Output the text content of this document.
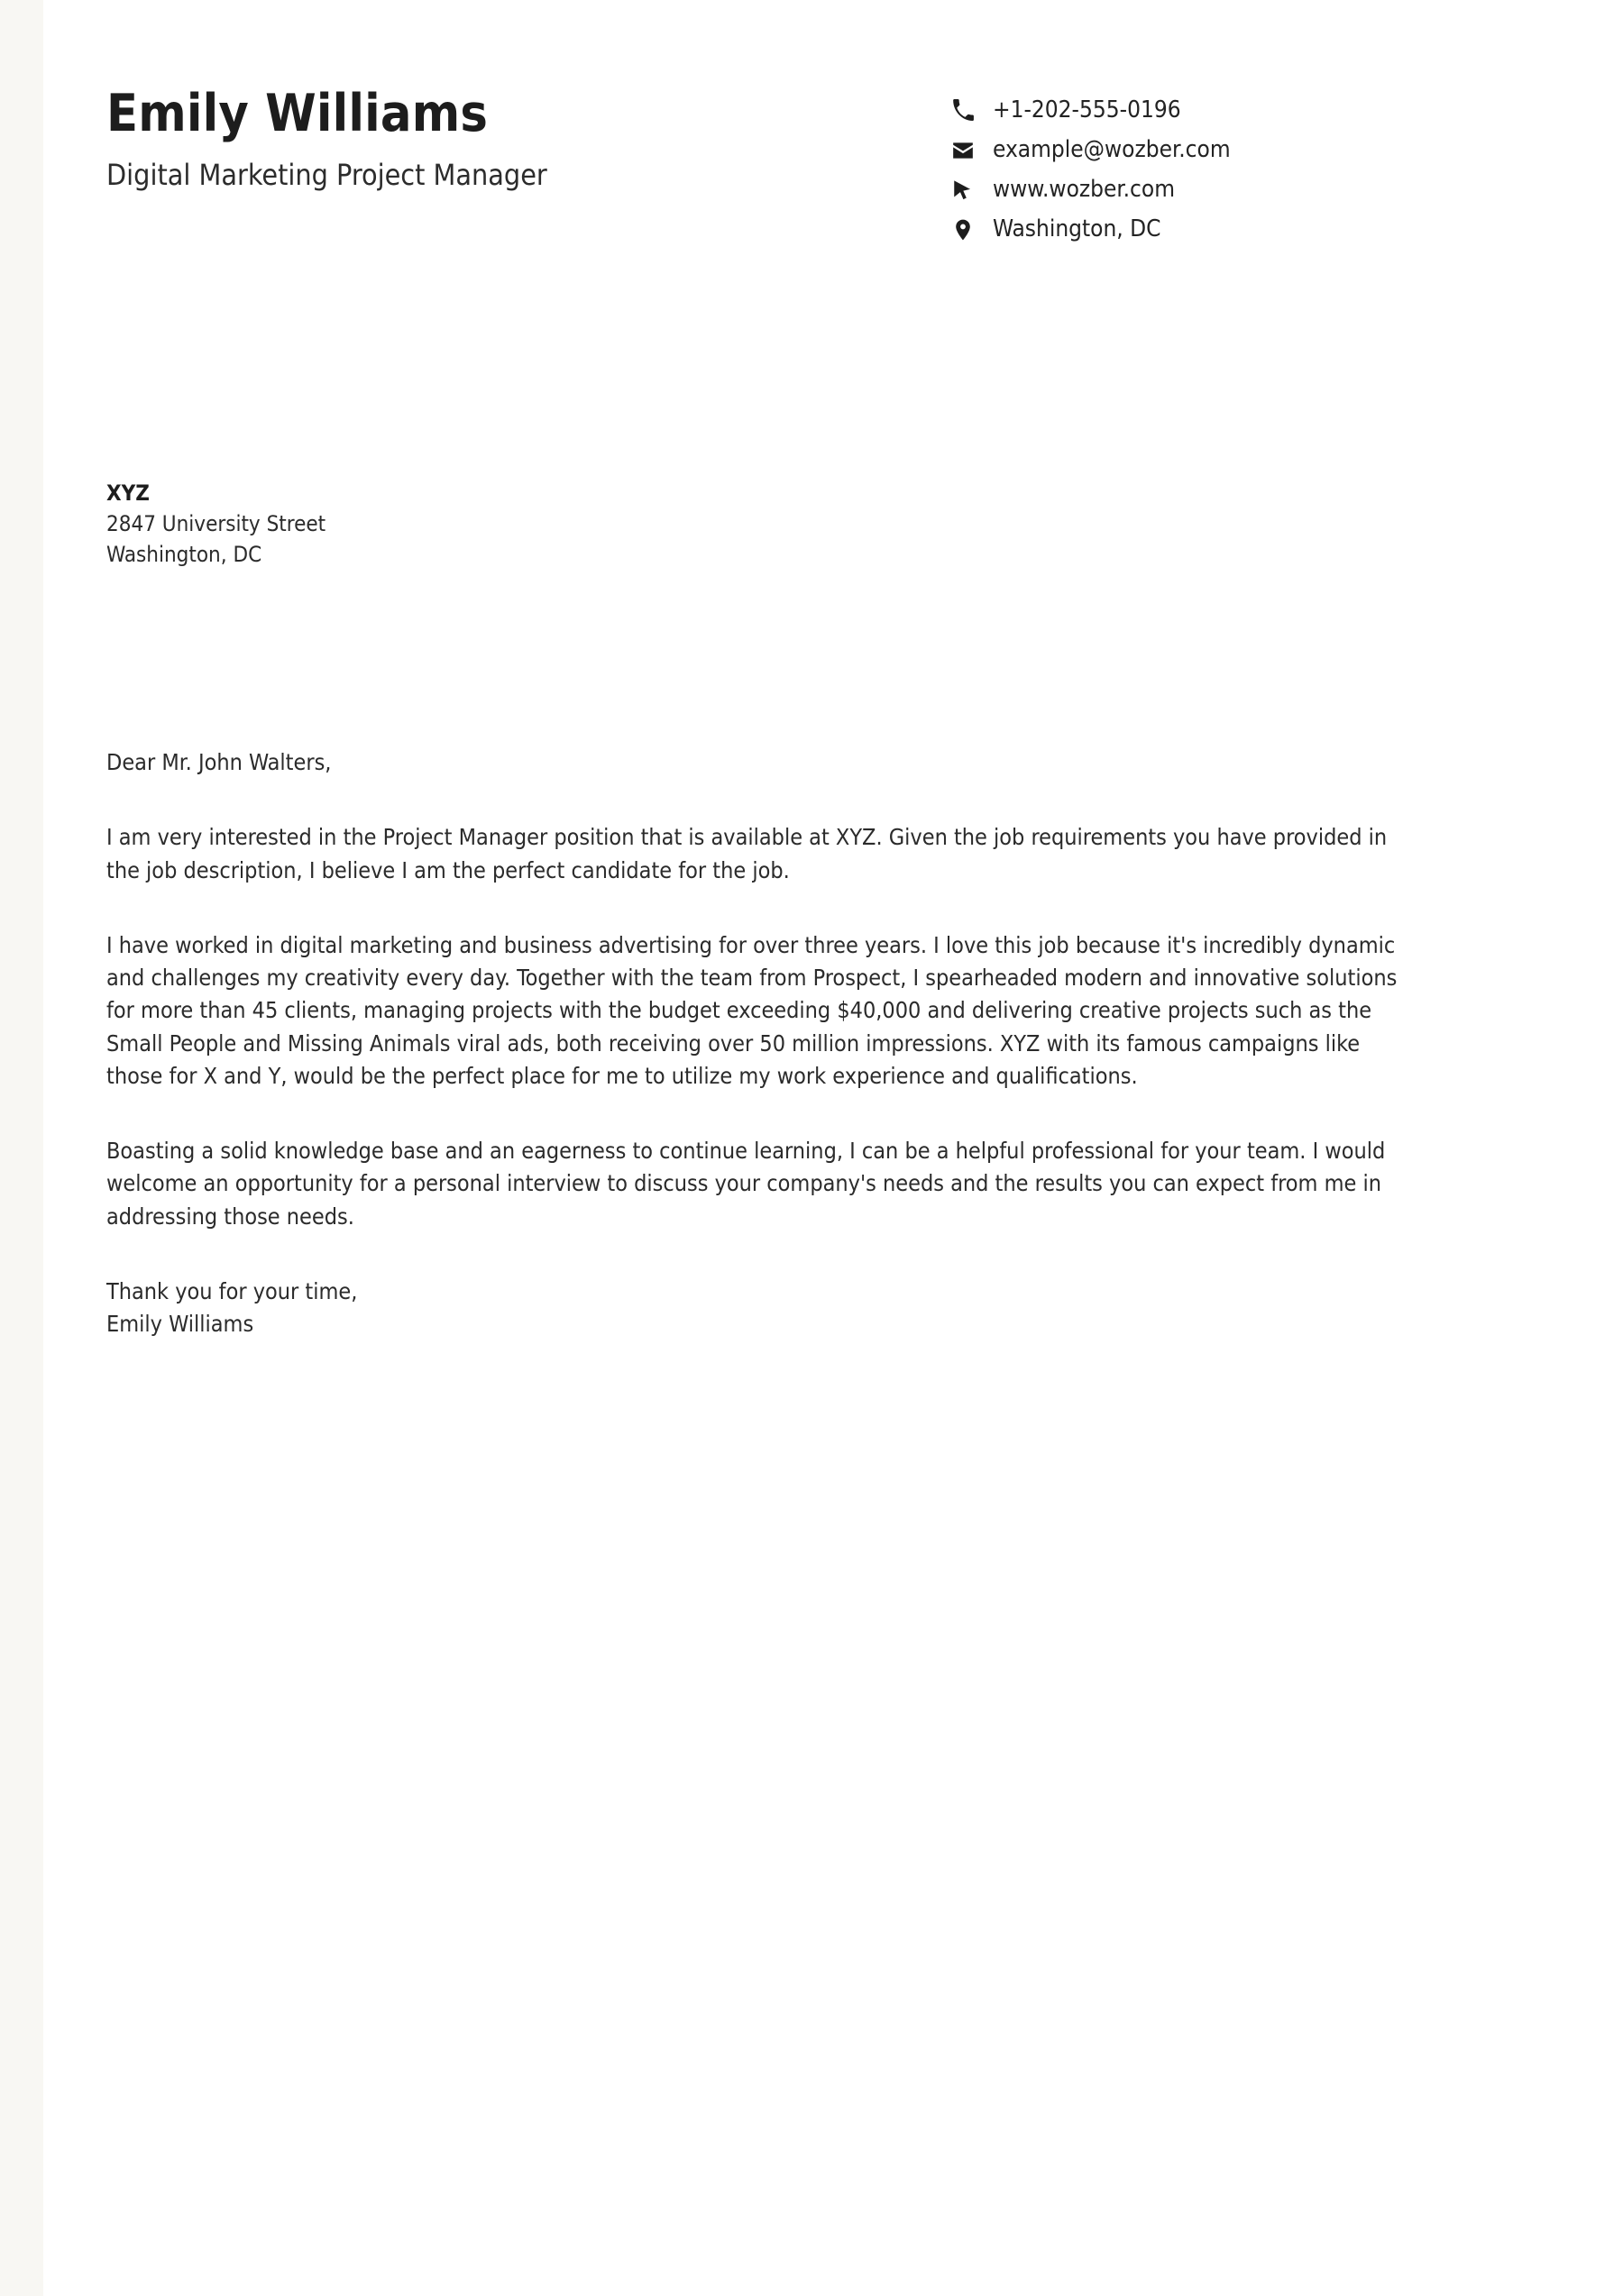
Emily Williams
Digital Marketing Project Manager
+1-202-555-0196
example@wozber.com
www.wozber.com
Washington, DC

XYZ

2847 University Street

Washington, DC

Dear Mr. John Walters,

I am very interested in the Project Manager position that is available at XYZ. Given the job requirements you have provided in the job description, I believe I am the perfect candidate for the job.

I have worked in digital marketing and business advertising for over three years. I love this job because it's incredibly dynamic and challenges my creativity every day. Together with the team from Prospect, I spearheaded modern and innovative solutions for more than 45 clients, managing projects with the budget exceeding $40,000 and delivering creative projects such as the Small People and Missing Animals viral ads, both receiving over 50 million impressions. XYZ with its famous campaigns like those for X and Y, would be the perfect place for me to utilize my work experience and qualifications.

Boasting a solid knowledge base and an eagerness to continue learning, I can be a helpful professional for your team. I would welcome an opportunity for a personal interview to discuss your company's needs and the results you can expect from me in addressing those needs.

Thank you for your time,

Emily Williams
